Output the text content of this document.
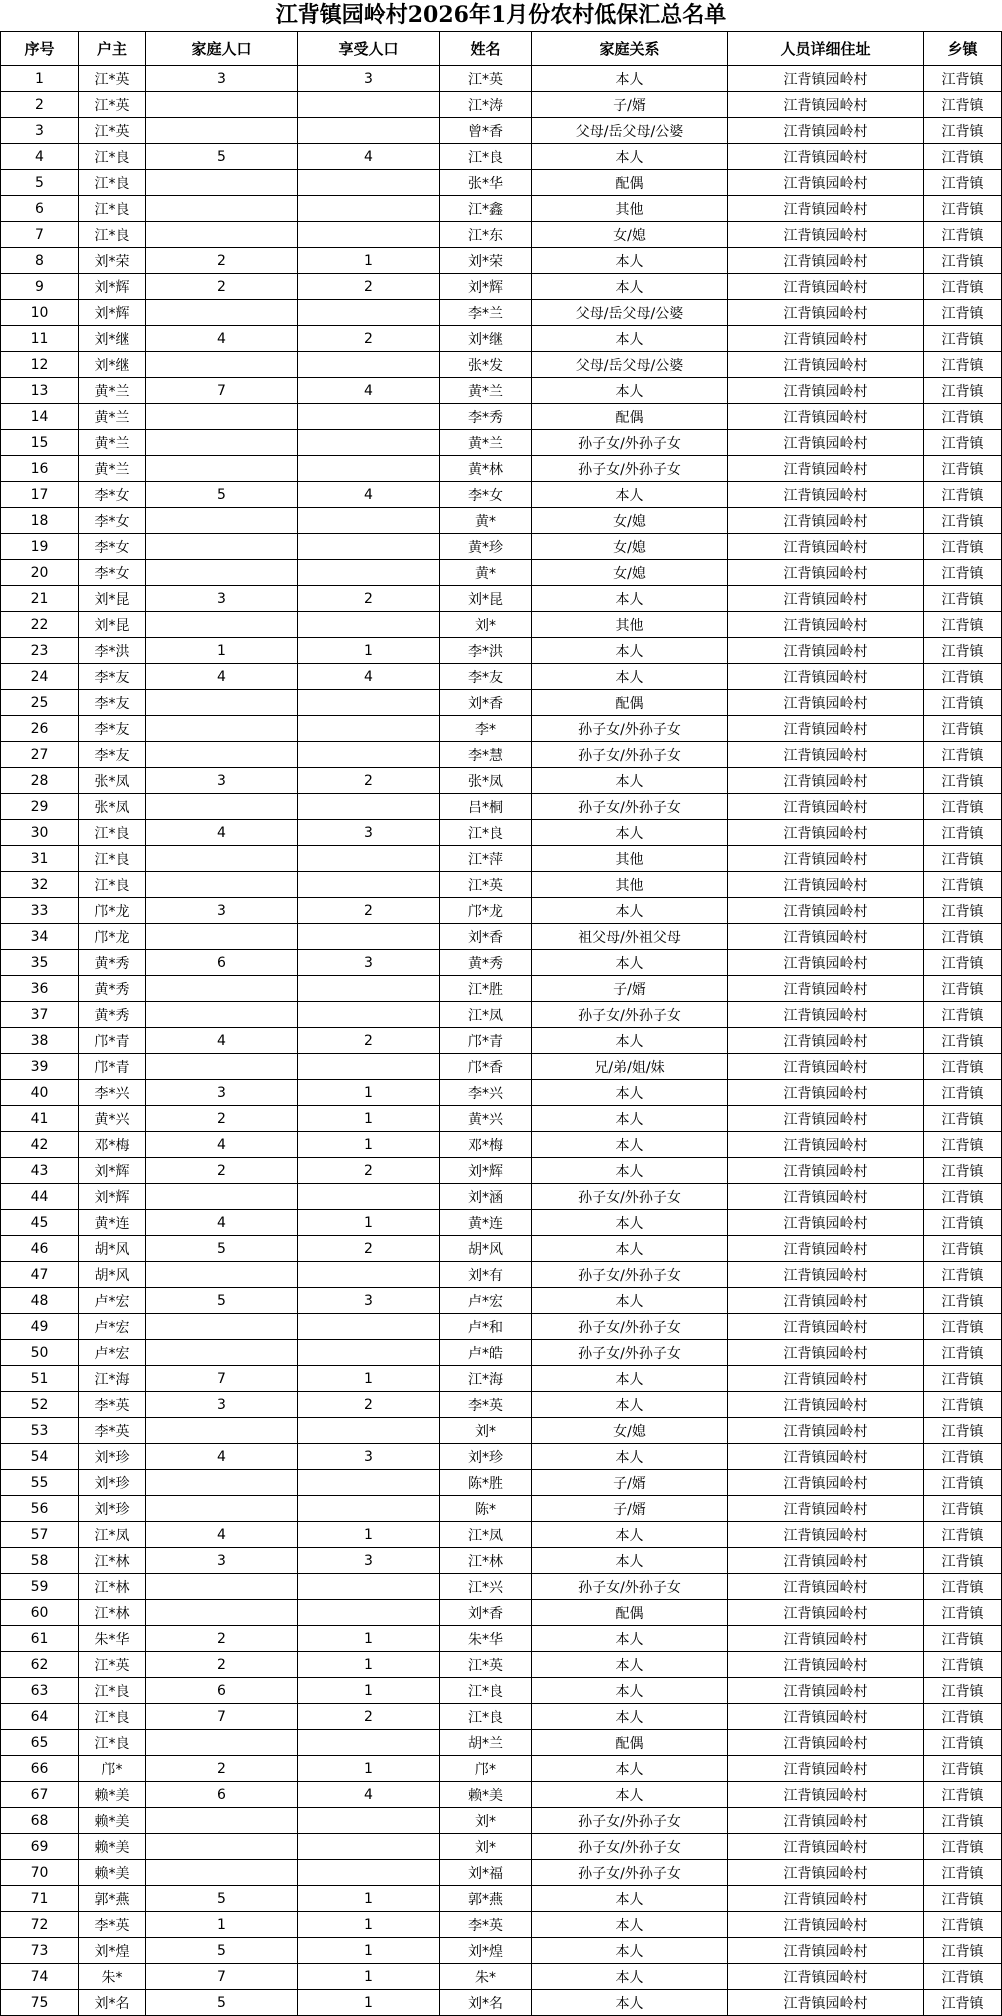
江背镇园岭村2026年1月份农村低保汇总名单
序号	户主	家庭人口	享受人口	姓名	家庭关系	人员详细住址	乡镇
1	江*英	3	3	江*英	本人	江背镇园岭村	江背镇
2	江*英			江*涛	子/婿	江背镇园岭村	江背镇
3	江*英			曾*香	父母/岳父母/公婆	江背镇园岭村	江背镇
4	江*良	5	4	江*良	本人	江背镇园岭村	江背镇
5	江*良			张*华	配偶	江背镇园岭村	江背镇
6	江*良			江*鑫	其他	江背镇园岭村	江背镇
7	江*良			江*东	女/媳	江背镇园岭村	江背镇
8	刘*荣	2	1	刘*荣	本人	江背镇园岭村	江背镇
9	刘*辉	2	2	刘*辉	本人	江背镇园岭村	江背镇
10	刘*辉			李*兰	父母/岳父母/公婆	江背镇园岭村	江背镇
11	刘*继	4	2	刘*继	本人	江背镇园岭村	江背镇
12	刘*继			张*发	父母/岳父母/公婆	江背镇园岭村	江背镇
13	黄*兰	7	4	黄*兰	本人	江背镇园岭村	江背镇
14	黄*兰			李*秀	配偶	江背镇园岭村	江背镇
15	黄*兰			黄*兰	孙子女/外孙子女	江背镇园岭村	江背镇
16	黄*兰			黄*林	孙子女/外孙子女	江背镇园岭村	江背镇
17	李*女	5	4	李*女	本人	江背镇园岭村	江背镇
18	李*女			黄*	女/媳	江背镇园岭村	江背镇
19	李*女			黄*珍	女/媳	江背镇园岭村	江背镇
20	李*女			黄*	女/媳	江背镇园岭村	江背镇
21	刘*昆	3	2	刘*昆	本人	江背镇园岭村	江背镇
22	刘*昆			刘*	其他	江背镇园岭村	江背镇
23	李*洪	1	1	李*洪	本人	江背镇园岭村	江背镇
24	李*友	4	4	李*友	本人	江背镇园岭村	江背镇
25	李*友			刘*香	配偶	江背镇园岭村	江背镇
26	李*友			李*	孙子女/外孙子女	江背镇园岭村	江背镇
27	李*友			李*慧	孙子女/外孙子女	江背镇园岭村	江背镇
28	张*凤	3	2	张*凤	本人	江背镇园岭村	江背镇
29	张*凤			吕*桐	孙子女/外孙子女	江背镇园岭村	江背镇
30	江*良	4	3	江*良	本人	江背镇园岭村	江背镇
31	江*良			江*萍	其他	江背镇园岭村	江背镇
32	江*良			江*英	其他	江背镇园岭村	江背镇
33	邝*龙	3	2	邝*龙	本人	江背镇园岭村	江背镇
34	邝*龙			刘*香	祖父母/外祖父母	江背镇园岭村	江背镇
35	黄*秀	6	3	黄*秀	本人	江背镇园岭村	江背镇
36	黄*秀			江*胜	子/婿	江背镇园岭村	江背镇
37	黄*秀			江*凤	孙子女/外孙子女	江背镇园岭村	江背镇
38	邝*青	4	2	邝*青	本人	江背镇园岭村	江背镇
39	邝*青			邝*香	兄/弟/姐/妹	江背镇园岭村	江背镇
40	李*兴	3	1	李*兴	本人	江背镇园岭村	江背镇
41	黄*兴	2	1	黄*兴	本人	江背镇园岭村	江背镇
42	邓*梅	4	1	邓*梅	本人	江背镇园岭村	江背镇
43	刘*辉	2	2	刘*辉	本人	江背镇园岭村	江背镇
44	刘*辉			刘*涵	孙子女/外孙子女	江背镇园岭村	江背镇
45	黄*连	4	1	黄*连	本人	江背镇园岭村	江背镇
46	胡*风	5	2	胡*风	本人	江背镇园岭村	江背镇
47	胡*风			刘*有	孙子女/外孙子女	江背镇园岭村	江背镇
48	卢*宏	5	3	卢*宏	本人	江背镇园岭村	江背镇
49	卢*宏			卢*和	孙子女/外孙子女	江背镇园岭村	江背镇
50	卢*宏			卢*皓	孙子女/外孙子女	江背镇园岭村	江背镇
51	江*海	7	1	江*海	本人	江背镇园岭村	江背镇
52	李*英	3	2	李*英	本人	江背镇园岭村	江背镇
53	李*英			刘*	女/媳	江背镇园岭村	江背镇
54	刘*珍	4	3	刘*珍	本人	江背镇园岭村	江背镇
55	刘*珍			陈*胜	子/婿	江背镇园岭村	江背镇
56	刘*珍			陈*	子/婿	江背镇园岭村	江背镇
57	江*凤	4	1	江*凤	本人	江背镇园岭村	江背镇
58	江*林	3	3	江*林	本人	江背镇园岭村	江背镇
59	江*林			江*兴	孙子女/外孙子女	江背镇园岭村	江背镇
60	江*林			刘*香	配偶	江背镇园岭村	江背镇
61	朱*华	2	1	朱*华	本人	江背镇园岭村	江背镇
62	江*英	2	1	江*英	本人	江背镇园岭村	江背镇
63	江*良	6	1	江*良	本人	江背镇园岭村	江背镇
64	江*良	7	2	江*良	本人	江背镇园岭村	江背镇
65	江*良			胡*兰	配偶	江背镇园岭村	江背镇
66	邝*	2	1	邝*	本人	江背镇园岭村	江背镇
67	赖*美	6	4	赖*美	本人	江背镇园岭村	江背镇
68	赖*美			刘*	孙子女/外孙子女	江背镇园岭村	江背镇
69	赖*美			刘*	孙子女/外孙子女	江背镇园岭村	江背镇
70	赖*美			刘*福	孙子女/外孙子女	江背镇园岭村	江背镇
71	郭*燕	5	1	郭*燕	本人	江背镇园岭村	江背镇
72	李*英	1	1	李*英	本人	江背镇园岭村	江背镇
73	刘*煌	5	1	刘*煌	本人	江背镇园岭村	江背镇
74	朱*	7	1	朱*	本人	江背镇园岭村	江背镇
75	刘*名	5	1	刘*名	本人	江背镇园岭村	江背镇
